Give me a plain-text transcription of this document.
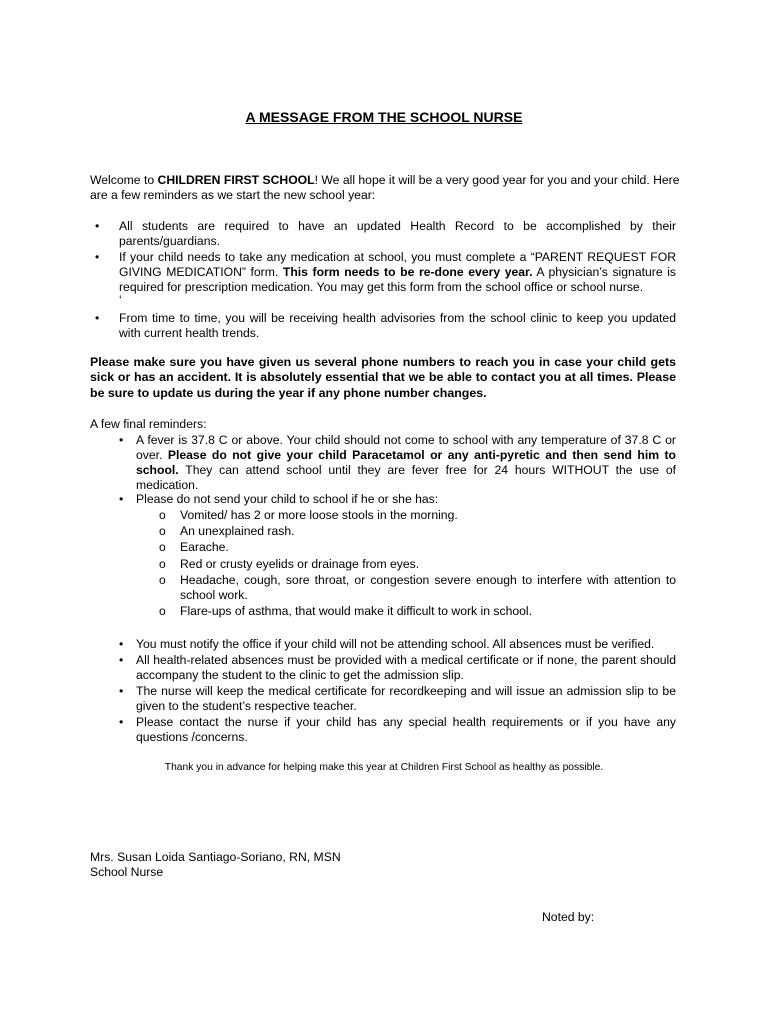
A MESSAGE FROM THE SCHOOL NURSE
Welcome to CHILDREN FIRST SCHOOL! We all hope it will be a very good year for you and your child. Here are a few reminders as we start the new school year:
• All students are required to have an updated Health Record to be accomplished by their parents/guardians.
• If your child needs to take any medication at school, you must complete a “PARENT REQUEST FOR GIVING MEDICATION” form. This form needs to be re-done every year. A physician’s signature is required for prescription medication. You may get this form from the school office or school nurse.
‘
• From time to time, you will be receiving health advisories from the school clinic to keep you updated with current health trends.
Please make sure you have given us several phone numbers to reach you in case your child gets sick or has an accident. It is absolutely essential that we be able to contact you at all times. Please be sure to update us during the year if any phone number changes.
A few final reminders:
• A fever is 37.8 C or above. Your child should not come to school with any temperature of 37.8 C or over. Please do not give your child Paracetamol or any anti-pyretic and then send him to school. They can attend school until they are fever free for 24 hours WITHOUT the use of medication.
• Please do not send your child to school if he or she has:
o Vomited/ has 2 or more loose stools in the morning.
o An unexplained rash.
o Earache.
o Red or crusty eyelids or drainage from eyes.
o Headache, cough, sore throat, or congestion severe enough to interfere with attention to school work.
o Flare-ups of asthma, that would make it difficult to work in school.
• You must notify the office if your child will not be attending school. All absences must be verified.
• All health-related absences must be provided with a medical certificate or if none, the parent should accompany the student to the clinic to get the admission slip.
• The nurse will keep the medical certificate for recordkeeping and will issue an admission slip to be given to the student’s respective teacher.
• Please contact the nurse if your child has any special health requirements or if you have any questions /concerns.
Thank you in advance for helping make this year at Children First School as healthy as possible.
Mrs. Susan Loida Santiago-Soriano, RN, MSN
School Nurse
Noted by:
